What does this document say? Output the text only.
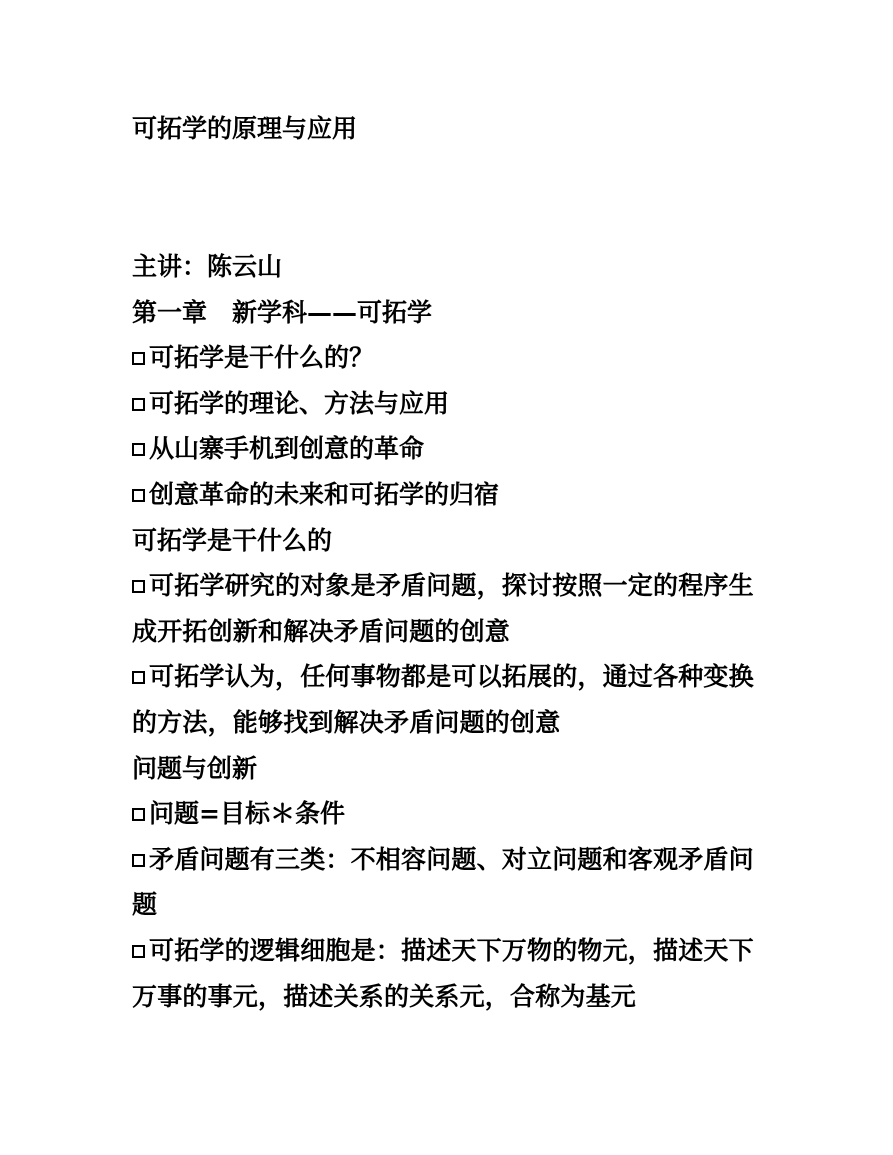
可拓学的原理与应用
主讲：陈云山
第一章　新学科——可拓学
可拓学是干什么的？
可拓学的理论、方法与应用
从山寨手机到创意的革命
创意革命的未来和可拓学的归宿
可拓学是干什么的
可拓学研究的对象是矛盾问题，探讨按照一定的程序生成开拓创新和解决矛盾问题的创意
可拓学认为，任何事物都是可以拓展的，通过各种变换的方法，能够找到解决矛盾问题的创意
问题与创新
问题=目标＊条件
矛盾问题有三类：不相容问题、对立问题和客观矛盾问题
可拓学的逻辑细胞是：描述天下万物的物元，描述天下万事的事元，描述关系的关系元，合称为基元
